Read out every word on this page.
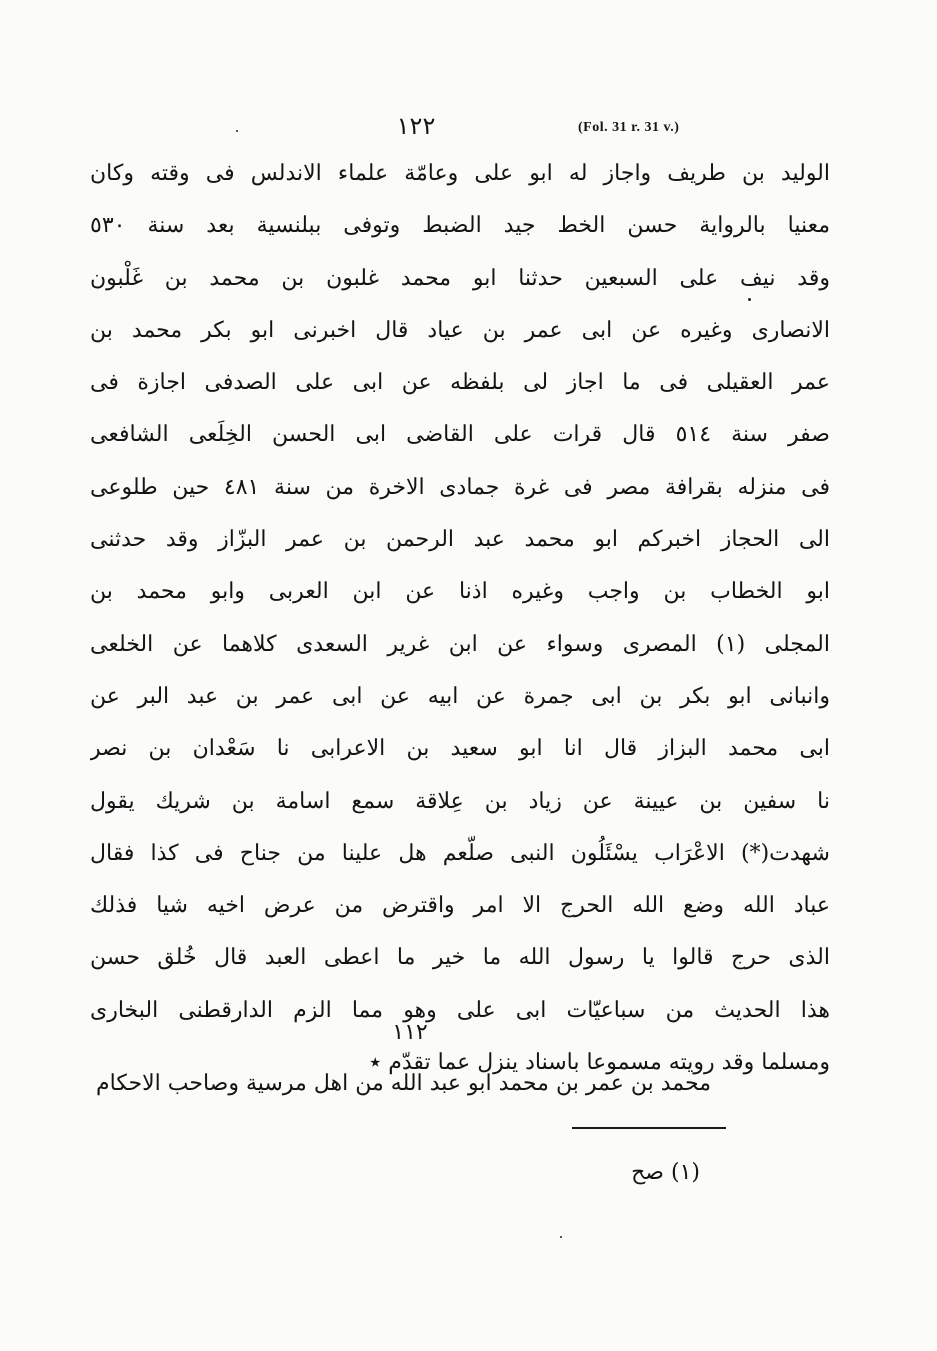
١٢٢	(Fol. 31 r. 31 v.)
الوليد بن طريف واجاز له ابو على وعامّة علماء الاندلس فى وقته وكان
معنيا بالرواية حسن الخط جيد الضبط وتوفى ببلنسية بعد سنة ٥٣٠
وقد نيف على السبعين حدثنا ابو محمد غلبون بن محمد بن غَلْبون
الانصارى وغيره عن ابى عمر بن عياد قال اخبرنى ابو بكر محمد بن
عمر العقيلى فى ما اجاز لى بلفظه عن ابى على الصدفى اجازة فى
صفر سنة ٥١٤ قال قرات على القاضى ابى الحسن الخِلَعى الشافعى
فى منزله بقرافة مصر فى غرة جمادى الاخرة من سنة ٤٨١ حين طلوعى
الى الحجاز اخبركم ابو محمد عبد الرحمن بن عمر البزّاز وقد حدثنى
ابو الخطاب بن واجب وغيره اذنا عن ابن العربى وابو محمد بن
المجلى (١) المصرى وسواء عن ابن غرير السعدى كلاهما عن الخلعى
وانبانى ابو بكر بن ابى جمرة عن ابيه عن ابى عمر بن عبد البر عن
ابى محمد البزاز قال انا ابو سعيد بن الاعرابى نا سَعْدان بن نصر
نا سفين بن عيينة عن زياد بن عِلاقة سمع اسامة بن شريك يقول
شهدت(*) الاعْرَاب يسْئَلُون النبى صلّعم هل علينا من جناح فى كذا فقال
عباد الله وضع الله الحرج الا امر واقترض من عرض اخيه شيا فذلك
الذى حرج قالوا يا رسول الله ما خير ما اعطى العبد قال خُلق حسن
هذا الحديث من سباعيّات ابى على وهو مما الزم الدارقطنى البخارى
ومسلما وقد رويته مسموعا باسناد ينزل عما تقدّم ٭
١١٢
محمد بن عمر بن محمد ابو عبد الله من اهل مرسية وصاحب الاحكام
(١) صح
